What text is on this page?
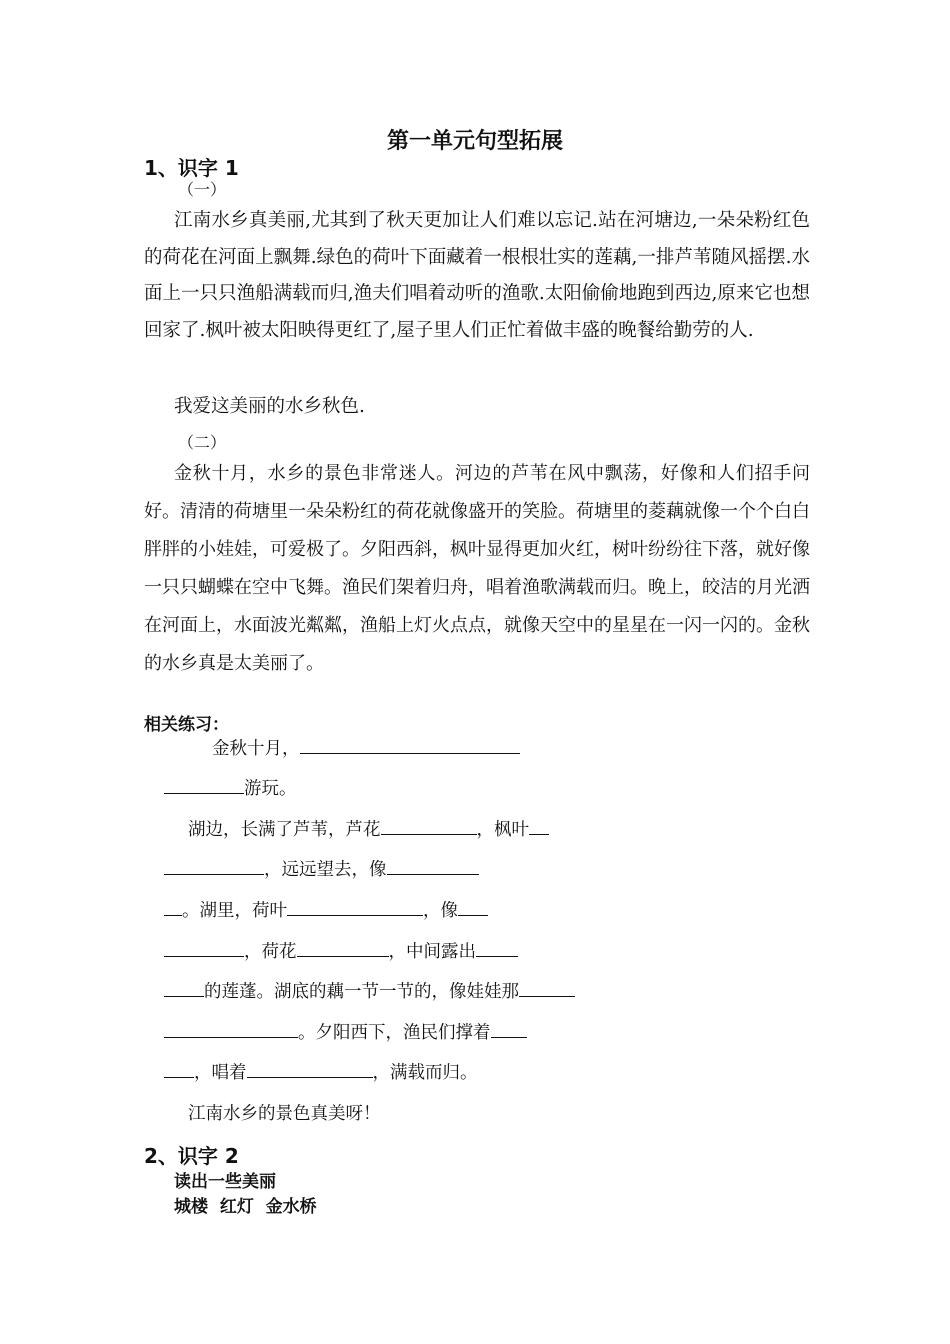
第一单元句型拓展
1、识字 1
（一）
江南水乡真美丽,尤其到了秋天更加让人们难以忘记.站在河塘边,一朵朵粉红色的荷花在河面上飘舞.绿色的荷叶下面藏着一根根壮实的莲藕,一排芦苇随风摇摆.水面上一只只渔船满载而归,渔夫们唱着动听的渔歌.太阳偷偷地跑到西边,原来它也想回家了.枫叶被太阳映得更红了,屋子里人们正忙着做丰盛的晚餐给勤劳的人.
我爱这美丽的水乡秋色.
（二）
金秋十月，水乡的景色非常迷人。河边的芦苇在风中飘荡，好像和人们招手问好。清清的荷塘里一朵朵粉红的荷花就像盛开的笑脸。荷塘里的菱藕就像一个个白白胖胖的小娃娃，可爱极了。夕阳西斜，枫叶显得更加火红，树叶纷纷往下落，就好像一只只蝴蝶在空中飞舞。渔民们架着归舟，唱着渔歌满载而归。晚上，皎洁的月光洒在河面上，水面波光粼粼，渔船上灯火点点，就像天空中的星星在一闪一闪的。金秋的水乡真是太美丽了。
相关练习：
金秋十月，
游玩。
湖边，长满了芦苇，芦花	，枫叶
，远远望去，像
。湖里，荷叶	，像
，荷花	，中间露出
的莲蓬。湖底的藕一节一节的，像娃娃那
。夕阳西下，渔民们撑着
，唱着	，满载而归。
江南水乡的景色真美呀！
2、识字 2
读出一些美丽
城楼  红灯  金水桥
